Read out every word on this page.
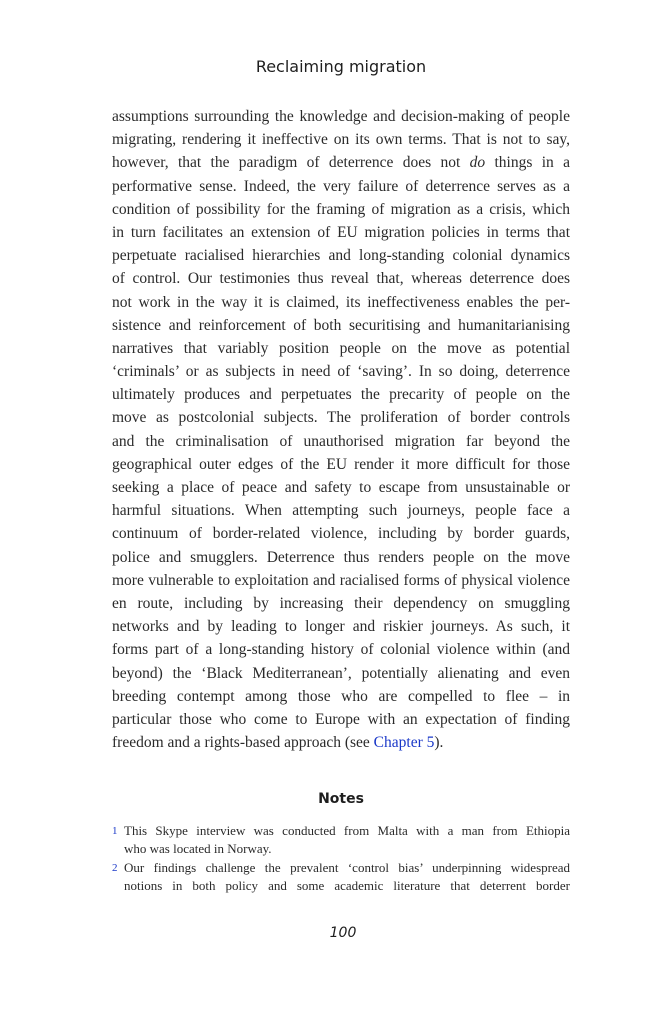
Reclaiming migration
assumptions surrounding the knowledge and decision-making of people
migrating, rendering it ineffective on its own terms. That is not to say,
however, that the paradigm of deterrence does not do things in a
performative sense. Indeed, the very failure of deterrence serves as a
condition of possibility for the framing of migration as a crisis, which
in turn facilitates an extension of EU migration policies in terms that
perpetuate racialised hierarchies and long-standing colonial dynamics
of control. Our testimonies thus reveal that, whereas deterrence does
not work in the way it is claimed, its ineffectiveness enables the per-
sistence and reinforcement of both securitising and humanitarianising
narratives that variably position people on the move as potential
‘criminals’ or as subjects in need of ‘saving’. In so doing, deterrence
ultimately produces and perpetuates the precarity of people on the
move as postcolonial subjects. The proliferation of border controls
and the criminalisation of unauthorised migration far beyond the
geographical outer edges of the EU render it more difficult for those
seeking a place of peace and safety to escape from unsustainable or
harmful situations. When attempting such journeys, people face a
continuum of border-related violence, including by border guards,
police and smugglers. Deterrence thus renders people on the move
more vulnerable to exploitation and racialised forms of physical violence
en route, including by increasing their dependency on smuggling
networks and by leading to longer and riskier journeys. As such, it
forms part of a long-standing history of colonial violence within (and
beyond) the ‘Black Mediterranean’, potentially alienating and even
breeding contempt among those who are compelled to flee – in
particular those who come to Europe with an expectation of finding
freedom and a rights-based approach (see Chapter 5).
Notes
1 This Skype interview was conducted from Malta with a man from Ethiopia
who was located in Norway.
2 Our findings challenge the prevalent ‘control bias’ underpinning widespread
notions in both policy and some academic literature that deterrent border
100
